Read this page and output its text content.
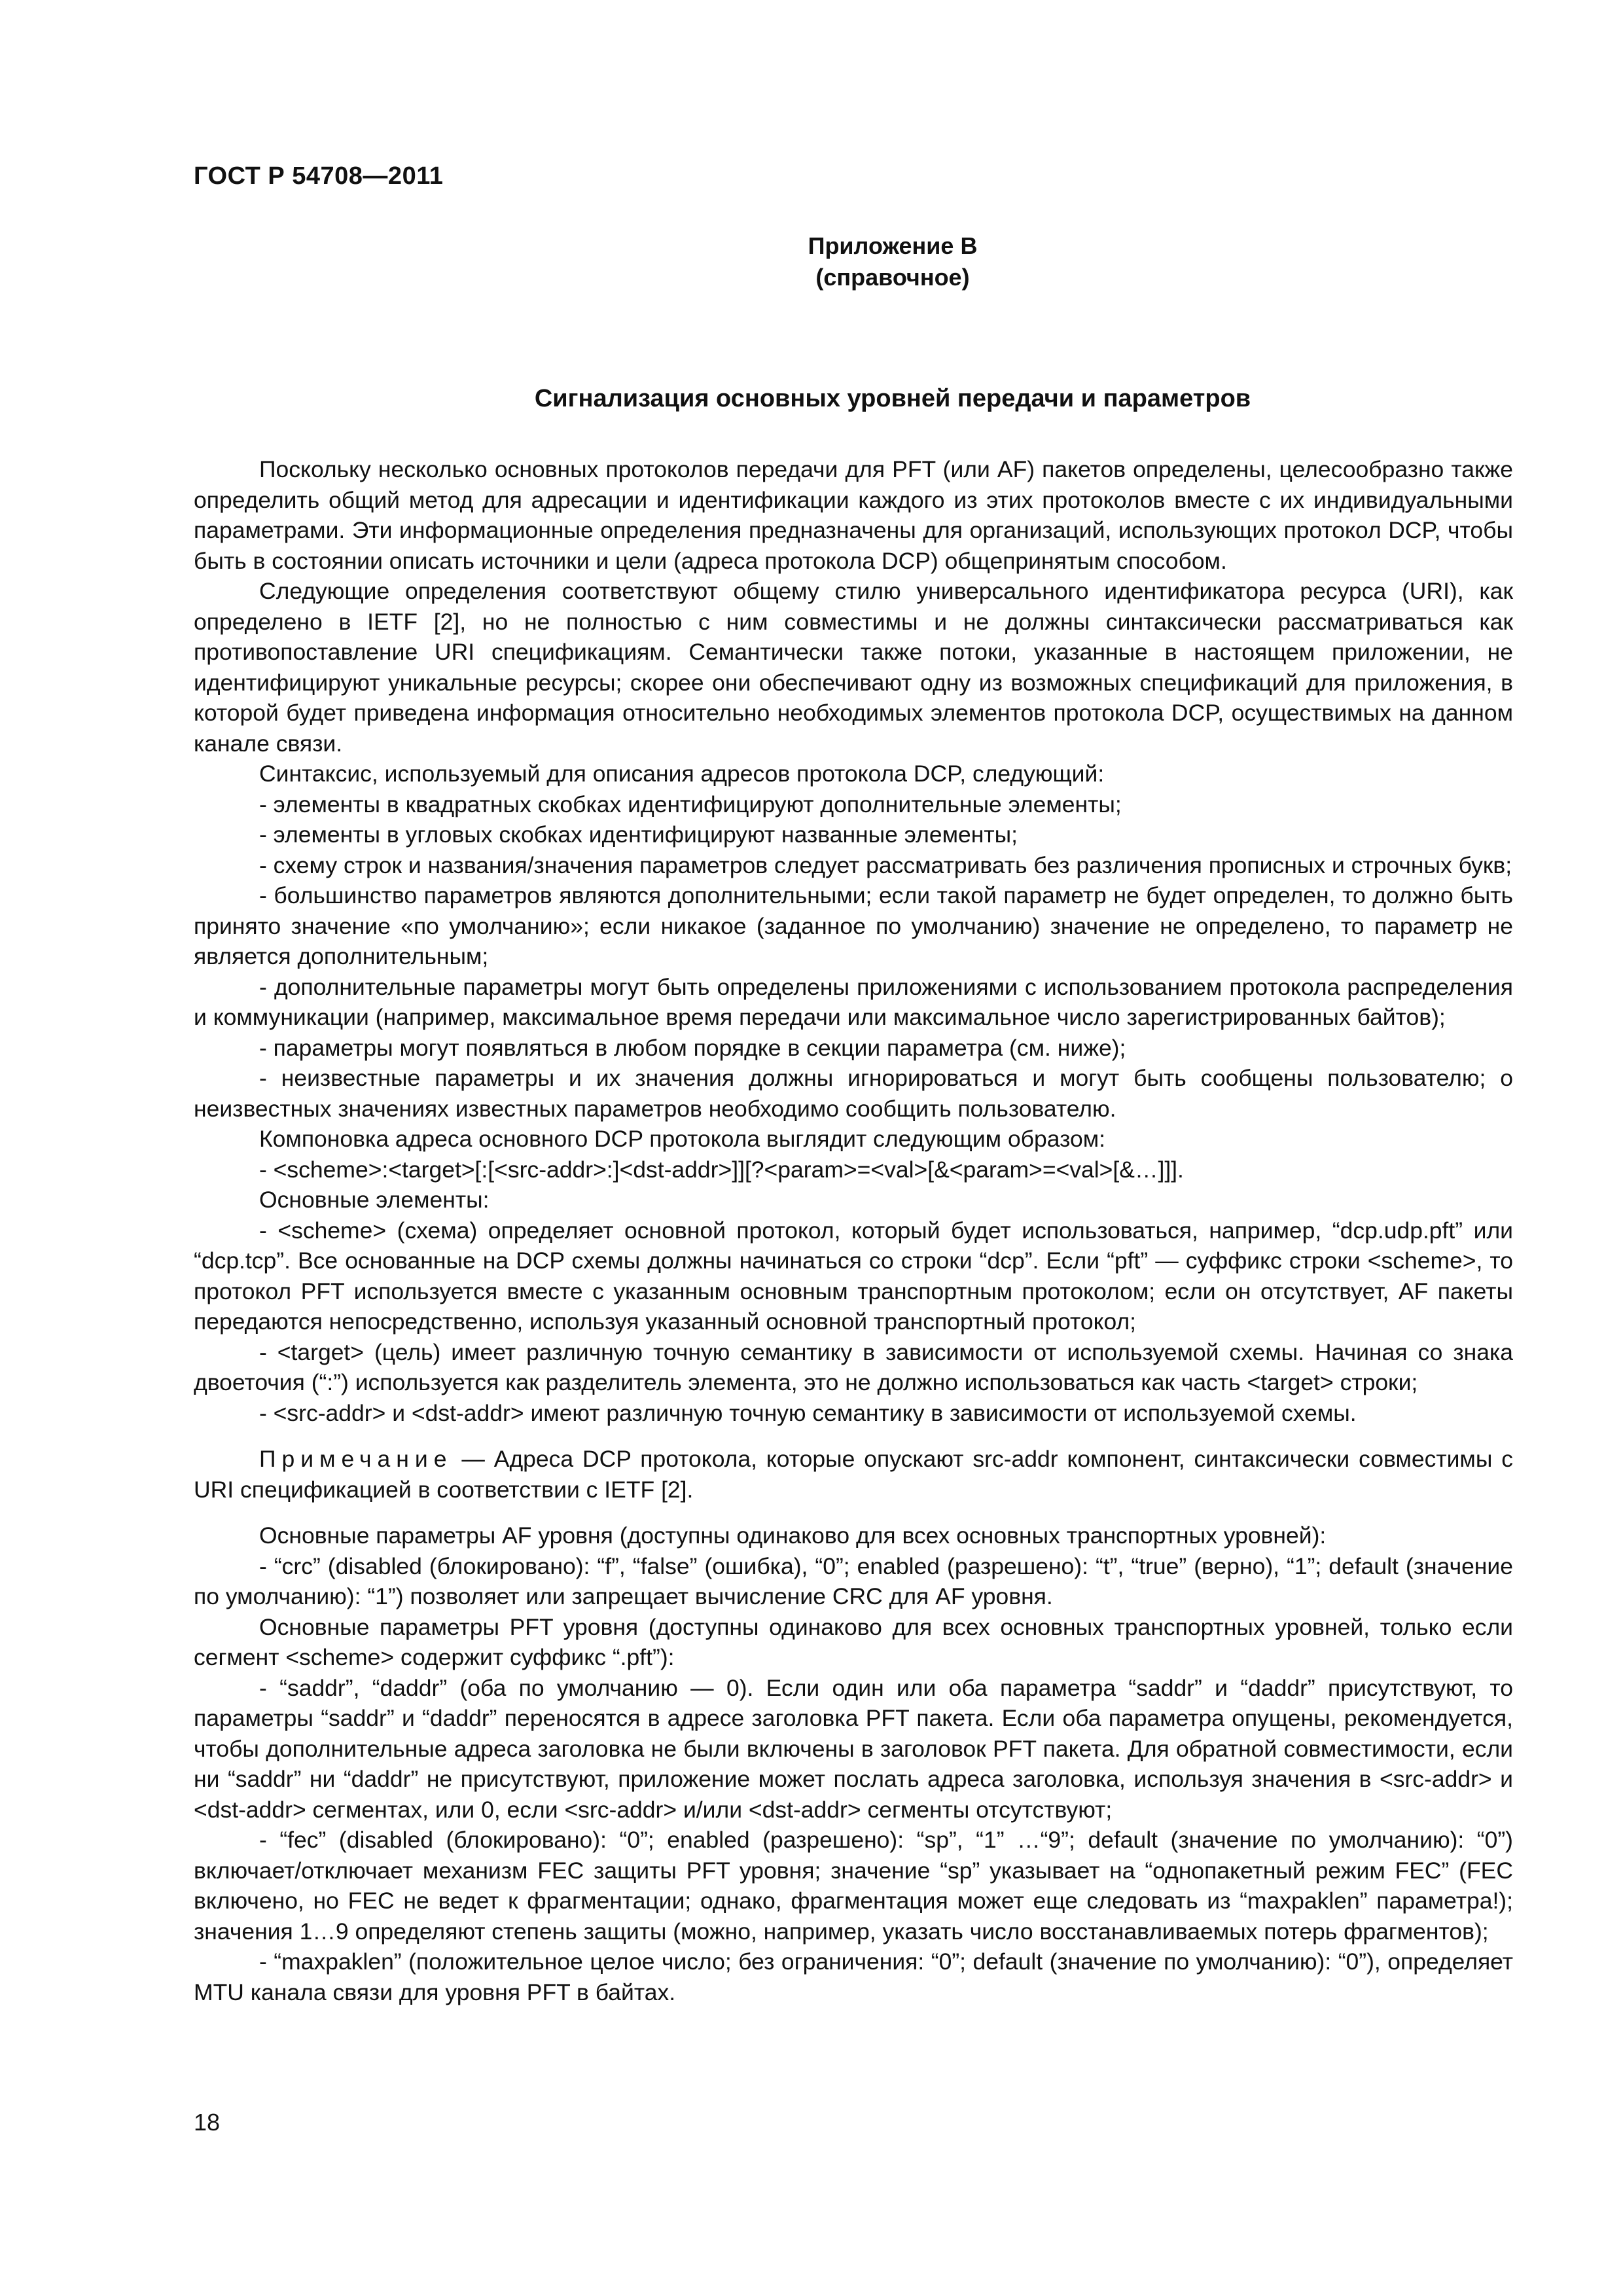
ГОСТ Р 54708—2011
Приложение В
(справочное)
Сигнализация основных уровней передачи и параметров

Поскольку несколько основных протоколов передачи для PFT (или AF) пакетов определены, целесообразно также определить общий метод для адресации и идентификации каждого из этих протоколов вместе с их индивидуальными параметрами. Эти информационные определения предназначены для организаций, использующих протокол DCP, чтобы быть в состоянии описать источники и цели (адреса протокола DCP) общепринятым способом.

Следующие определения соответствуют общему стилю универсального идентификатора ресурса (URI), как определено в IETF [2], но не полностью с ним совместимы и не должны синтаксически рассматриваться как противопоставление URI спецификациям. Семантически также потоки, указанные в настоящем приложении, не идентифицируют уникальные ресурсы; скорее они обеспечивают одну из возможных спецификаций для приложения, в которой будет приведена информация относительно необходимых элементов протокола DCP, осуществимых на данном канале связи.

Синтаксис, используемый для описания адресов протокола DCP, следующий:

- элементы в квадратных скобках идентифицируют дополнительные элементы;

- элементы в угловых скобках идентифицируют названные элементы;

- схему строк и названия/значения параметров следует рассматривать без различения прописных и строчных букв;

- большинство параметров являются дополнительными; если такой параметр не будет определен, то должно быть принято значение «по умолчанию»; если никакое (заданное по умолчанию) значение не определено, то параметр не является дополнительным;

- дополнительные параметры могут быть определены приложениями с использованием протокола распределения и коммуникации (например, максимальное время передачи или максимальное число зарегистрированных байтов);

- параметры могут появляться в любом порядке в секции параметра (см. ниже);

- неизвестные параметры и их значения должны игнорироваться и могут быть сообщены пользователю; о неизвестных значениях известных параметров необходимо сообщить пользователю.

Компоновка адреса основного DCP протокола выглядит следующим образом:

- <scheme>:<target>[:[<src-addr>:]<dst-addr>]][?<param>=<val>[&<param>=<val>[&…]]].

Основные элементы:

- <scheme> (схема) определяет основной протокол, который будет использоваться, например, “dcp.udp.pft” или “dcp.tcp”. Все основанные на DCP схемы должны начинаться со строки “dcp”. Если “pft” — суффикс строки <scheme>, то протокол PFT используется вместе с указанным основным транспортным протоколом; если он отсутствует, AF пакеты передаются непосредственно, используя указанный основной транспортный протокол;

- <target> (цель) имеет различную точную семантику в зависимости от используемой схемы. Начиная со знака двоеточия (“:”) используется как разделитель элемента, это не должно использоваться как часть <target> строки;

- <src-addr> и <dst-addr> имеют различную точную семантику в зависимости от используемой схемы.

Примечание — Адреса DCP протокола, которые опускают src-addr компонент, синтаксически совместимы с URI спецификацией в соответствии с IETF [2].

Основные параметры AF уровня (доступны одинаково для всех основных транспортных уровней):

- “crc” (disabled (блокировано): “f”, “false” (ошибка), “0”; enabled (разрешено): “t”, “true” (верно), “1”; default (значение по умолчанию): “1”) позволяет или запрещает вычисление CRC для AF уровня.

Основные параметры PFT уровня (доступны одинаково для всех основных транспортных уровней, только если сегмент <scheme> содержит суффикс “.pft”):

- “saddr”, “daddr” (оба по умолчанию — 0). Если один или оба параметра “saddr” и “daddr” присутствуют, то параметры “saddr” и “daddr” переносятся в адресе заголовка PFT пакета. Если оба параметра опущены, рекомендуется, чтобы дополнительные адреса заголовка не были включены в заголовок PFT пакета. Для обратной совместимости, если ни “saddr” ни “daddr” не присутствуют, приложение может послать адреса заголовка, используя значения в <src-addr> и <dst-addr> сегментах, или 0, если <src-addr> и/или <dst-addr> сегменты отсутствуют;

- “fec” (disabled (блокировано): “0”; enabled (разрешено): “sp”, “1” …“9”; default (значение по умолчанию): “0”) включает/отключает механизм FEC защиты PFT уровня; значение “sp” указывает на “однопакетный режим FEC” (FEC включено, но FEC не ведет к фрагментации; однако, фрагментация может еще следовать из “maxpaklen” параметра!); значения 1…9 определяют степень защиты (можно, например, указать число восстанавливаемых потерь фрагментов);

- “maxpaklen” (положительное целое число; без ограничения: “0”; default (значение по умолчанию): “0”), определяет MTU канала связи для уровня PFT в байтах.

18
